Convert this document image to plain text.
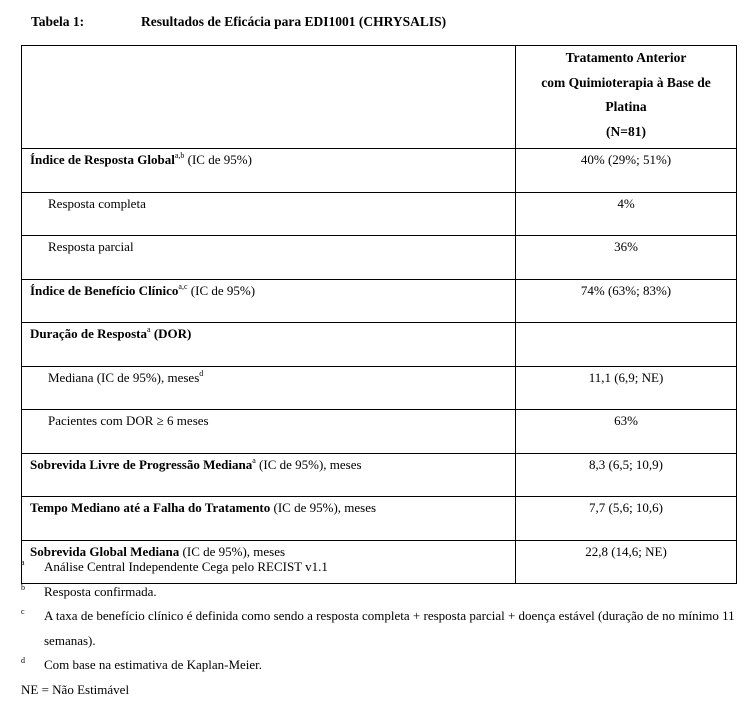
Tabela 1:	Resultados de Eficácia para EDI1001 (CHRYSALIS)

	Tratamento Anterior
com Quimioterapia à Base de
Platina
(N=81)

Índice de Resposta Global$^{a,b}$ (IC de 95%)	40% (29%; 51%)
Resposta completa	4%
Resposta parcial	36%
Índice de Benefício Clínico$^{a,c}$ (IC de 95%)	74% (63%; 83%)
Duração de Resposta$^a$ (DOR)	
Mediana (IC de 95%), meses$^d$	11,1 (6,9; NE)
Pacientes com DOR ≥ 6 meses	63%
Sobrevida Livre de Progressão Mediana$^a$ (IC de 95%), meses	8,3 (6,5; 10,9)
Tempo Mediano até a Falha do Tratamento (IC de 95%), meses	7,7 (5,6; 10,6)
Sobrevida Global Mediana (IC de 95%), meses	22,8 (14,6; NE)
a Análise Central Independente Cega pelo RECIST v1.1
b Resposta confirmada.
c A taxa de benefício clínico é definida como sendo a resposta completa + resposta parcial + doença estável (duração de no mínimo 11 semanas).
d Com base na estimativa de Kaplan-Meier.
NE = Não Estimável
